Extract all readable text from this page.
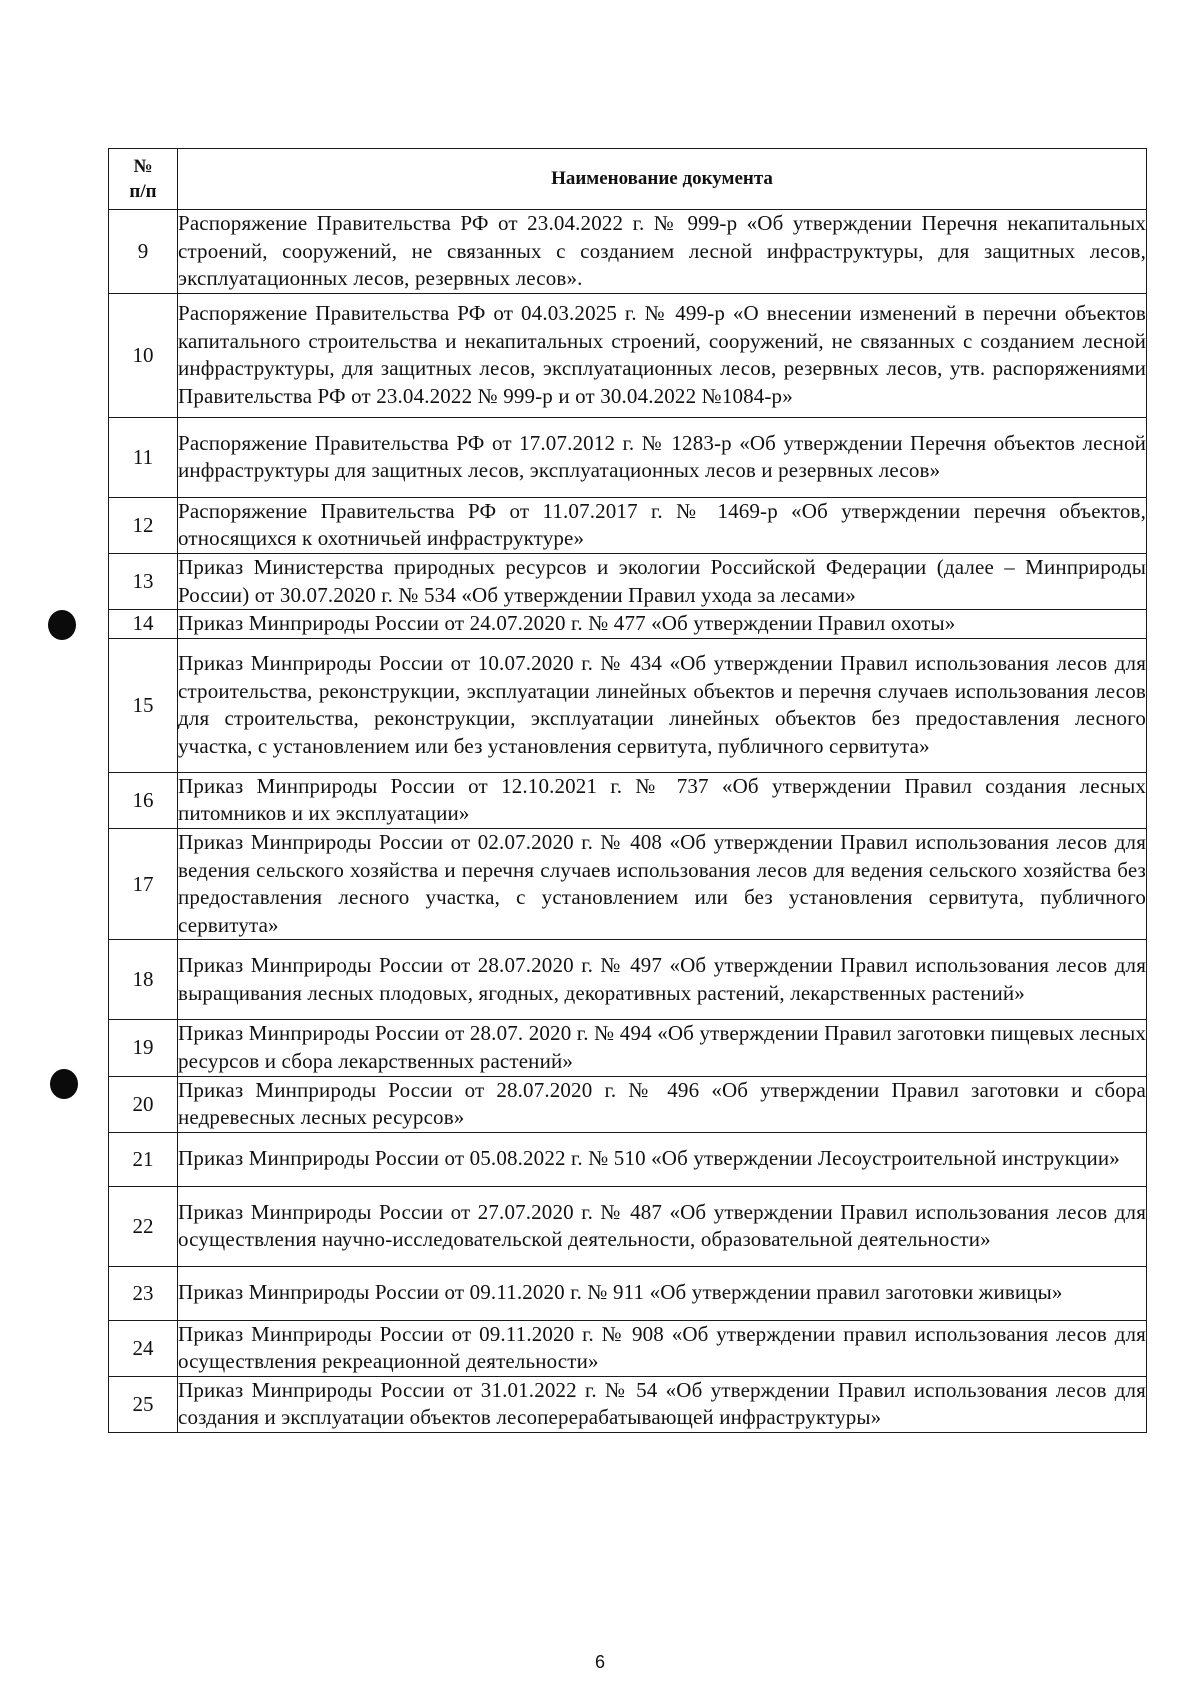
№
п/п	Наименование документа
9	Распоряжение Правительства РФ от 23.04.2022 г. № 999-р «Об утверждении Перечня некапитальных строений, сооружений, не связанных с созданием лесной инфраструктуры, для защитных лесов, эксплуатационных лесов, резервных лесов».
10	Распоряжение Правительства РФ от 04.03.2025 г. № 499-р «О внесении изменений в перечни объектов капитального строительства и некапитальных строений, сооружений, не связанных с созданием лесной инфраструктуры, для защитных лесов, эксплуатационных лесов, резервных лесов, утв. распоряжениями Правительства РФ от 23.04.2022 № 999-р и от 30.04.2022 №1084-р»
11	Распоряжение Правительства РФ от 17.07.2012 г. № 1283-р «Об утверждении Перечня объектов лесной инфраструктуры для защитных лесов, эксплуатационных лесов и резервных лесов»
12	Распоряжение Правительства РФ от 11.07.2017 г. № 1469-р «Об утверждении перечня объектов, относящихся к охотничьей инфраструктуре»
13	Приказ Министерства природных ресурсов и экологии Российской Федерации (далее – Минприроды России) от 30.07.2020 г. № 534 «Об утверждении Правил ухода за лесами»
14	Приказ Минприроды России от 24.07.2020 г. № 477 «Об утверждении Правил охоты»
15	Приказ Минприроды России от 10.07.2020 г. № 434 «Об утверждении Правил использования лесов для строительства, реконструкции, эксплуатации линейных объектов и перечня случаев использования лесов для строительства, реконструкции, эксплуатации линейных объектов без предоставления лесного участка, с установлением или без установления сервитута, публичного сервитута»
16	Приказ Минприроды России от 12.10.2021 г. № 737 «Об утверждении Правил создания лесных питомников и их эксплуатации»
17	Приказ Минприроды России от 02.07.2020 г. № 408 «Об утверждении Правил использования лесов для ведения сельского хозяйства и перечня случаев использования лесов для ведения сельского хозяйства без предоставления лесного участка, с установлением или без установления сервитута, публичного сервитута»
18	Приказ Минприроды России от 28.07.2020 г. № 497 «Об утверждении Правил использования лесов для выращивания лесных плодовых, ягодных, декоративных растений, лекарственных растений»
19	Приказ Минприроды России от 28.07. 2020 г. № 494 «Об утверждении Правил заготовки пищевых лесных ресурсов и сбора лекарственных растений»
20	Приказ Минприроды России от 28.07.2020 г. № 496 «Об утверждении Правил заготовки и сбора недревесных лесных ресурсов»
21	Приказ Минприроды России от 05.08.2022 г. № 510 «Об утверждении Лесоустроительной инструкции»
22	Приказ Минприроды России от 27.07.2020 г. № 487 «Об утверждении Правил использования лесов для осуществления научно-исследовательской деятельности, образовательной деятельности»
23	Приказ Минприроды России от 09.11.2020 г. № 911 «Об утверждении правил заготовки живицы»
24	Приказ Минприроды России от 09.11.2020 г. № 908 «Об утверждении правил использования лесов для осуществления рекреационной деятельности»
25	Приказ Минприроды России от 31.01.2022 г. № 54 «Об утверждении Правил использования лесов для создания и эксплуатации объектов лесоперерабатывающей инфраструктуры»
6
